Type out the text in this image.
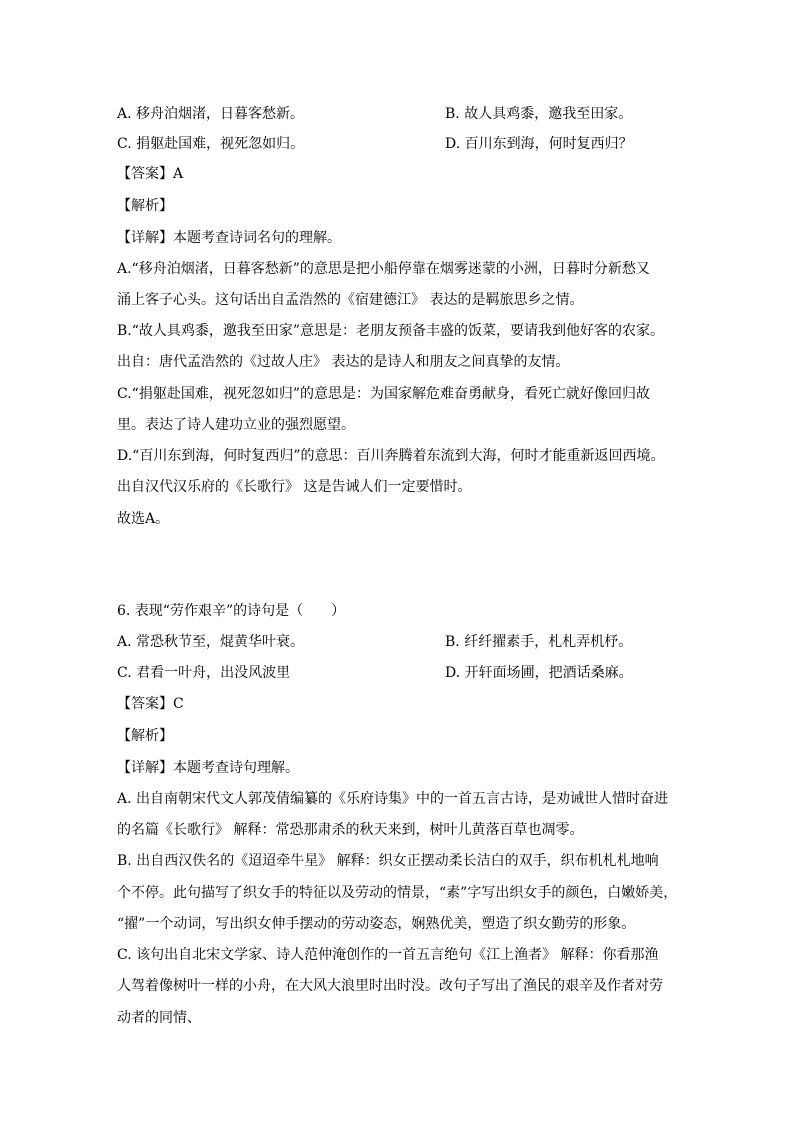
A. 移舟泊烟渚，日暮客愁新。	B. 故人具鸡黍，邀我至田家。
C. 捐躯赴国难，视死忽如归。	D. 百川东到海，何时复西归？
【答案】A
【解析】
【详解】本题考查诗词名句的理解。
A.“移舟泊烟渚，日暮客愁新”的意思是把小船停靠在烟雾迷蒙的小洲，日暮时分新愁又
涌上客子心头。这句话出自孟浩然的《宿建德江》 表达的是羁旅思乡之情。
B.“故人具鸡黍，邀我至田家”意思是：老朋友预备丰盛的饭菜，要请我到他好客的农家。
出自：唐代孟浩然的《过故人庄》 表达的是诗人和朋友之间真挚的友情。
C.“捐躯赴国难，视死忽如归”的意思是：为国家解危难奋勇献身，看死亡就好像回归故
里。表达了诗人建功立业的强烈愿望。
D.“百川东到海，何时复西归”的意思：百川奔腾着东流到大海，何时才能重新返回西境。
出自汉代汉乐府的《长歌行》 这是告诫人们一定要惜时。
故选A。
6. 表现“劳作艰辛”的诗句是（　　）
A. 常恐秋节至，焜黄华叶衰。	B. 纤纤擢素手，札札弄机杼。
C. 君看一叶舟，出没风波里	D. 开轩面场圃，把酒话桑麻。
【答案】C
【解析】
【详解】本题考查诗句理解。
A. 出自南朝宋代文人郭茂倩编纂的《乐府诗集》中的一首五言古诗，是劝诫世人惜时奋进
的名篇《长歌行》 解释：常恐那肃杀的秋天来到，树叶儿黄落百草也凋零。
B. 出自西汉佚名的《迢迢牵牛星》 解释：织女正摆动柔长洁白的双手，织布机札札地响
个不停。此句描写了织女手的特征以及劳动的情景，“素”字写出织女手的颜色，白嫩娇美，
“擢”一个动词，写出织女伸手摆动的劳动姿态，娴熟优美，塑造了织女勤劳的形象。
C. 该句出自北宋文学家、诗人范仲淹创作的一首五言绝句《江上渔者》 解释：你看那渔
人驾着像树叶一样的小舟，在大风大浪里时出时没。改句子写出了渔民的艰辛及作者对劳
动者的同情、
